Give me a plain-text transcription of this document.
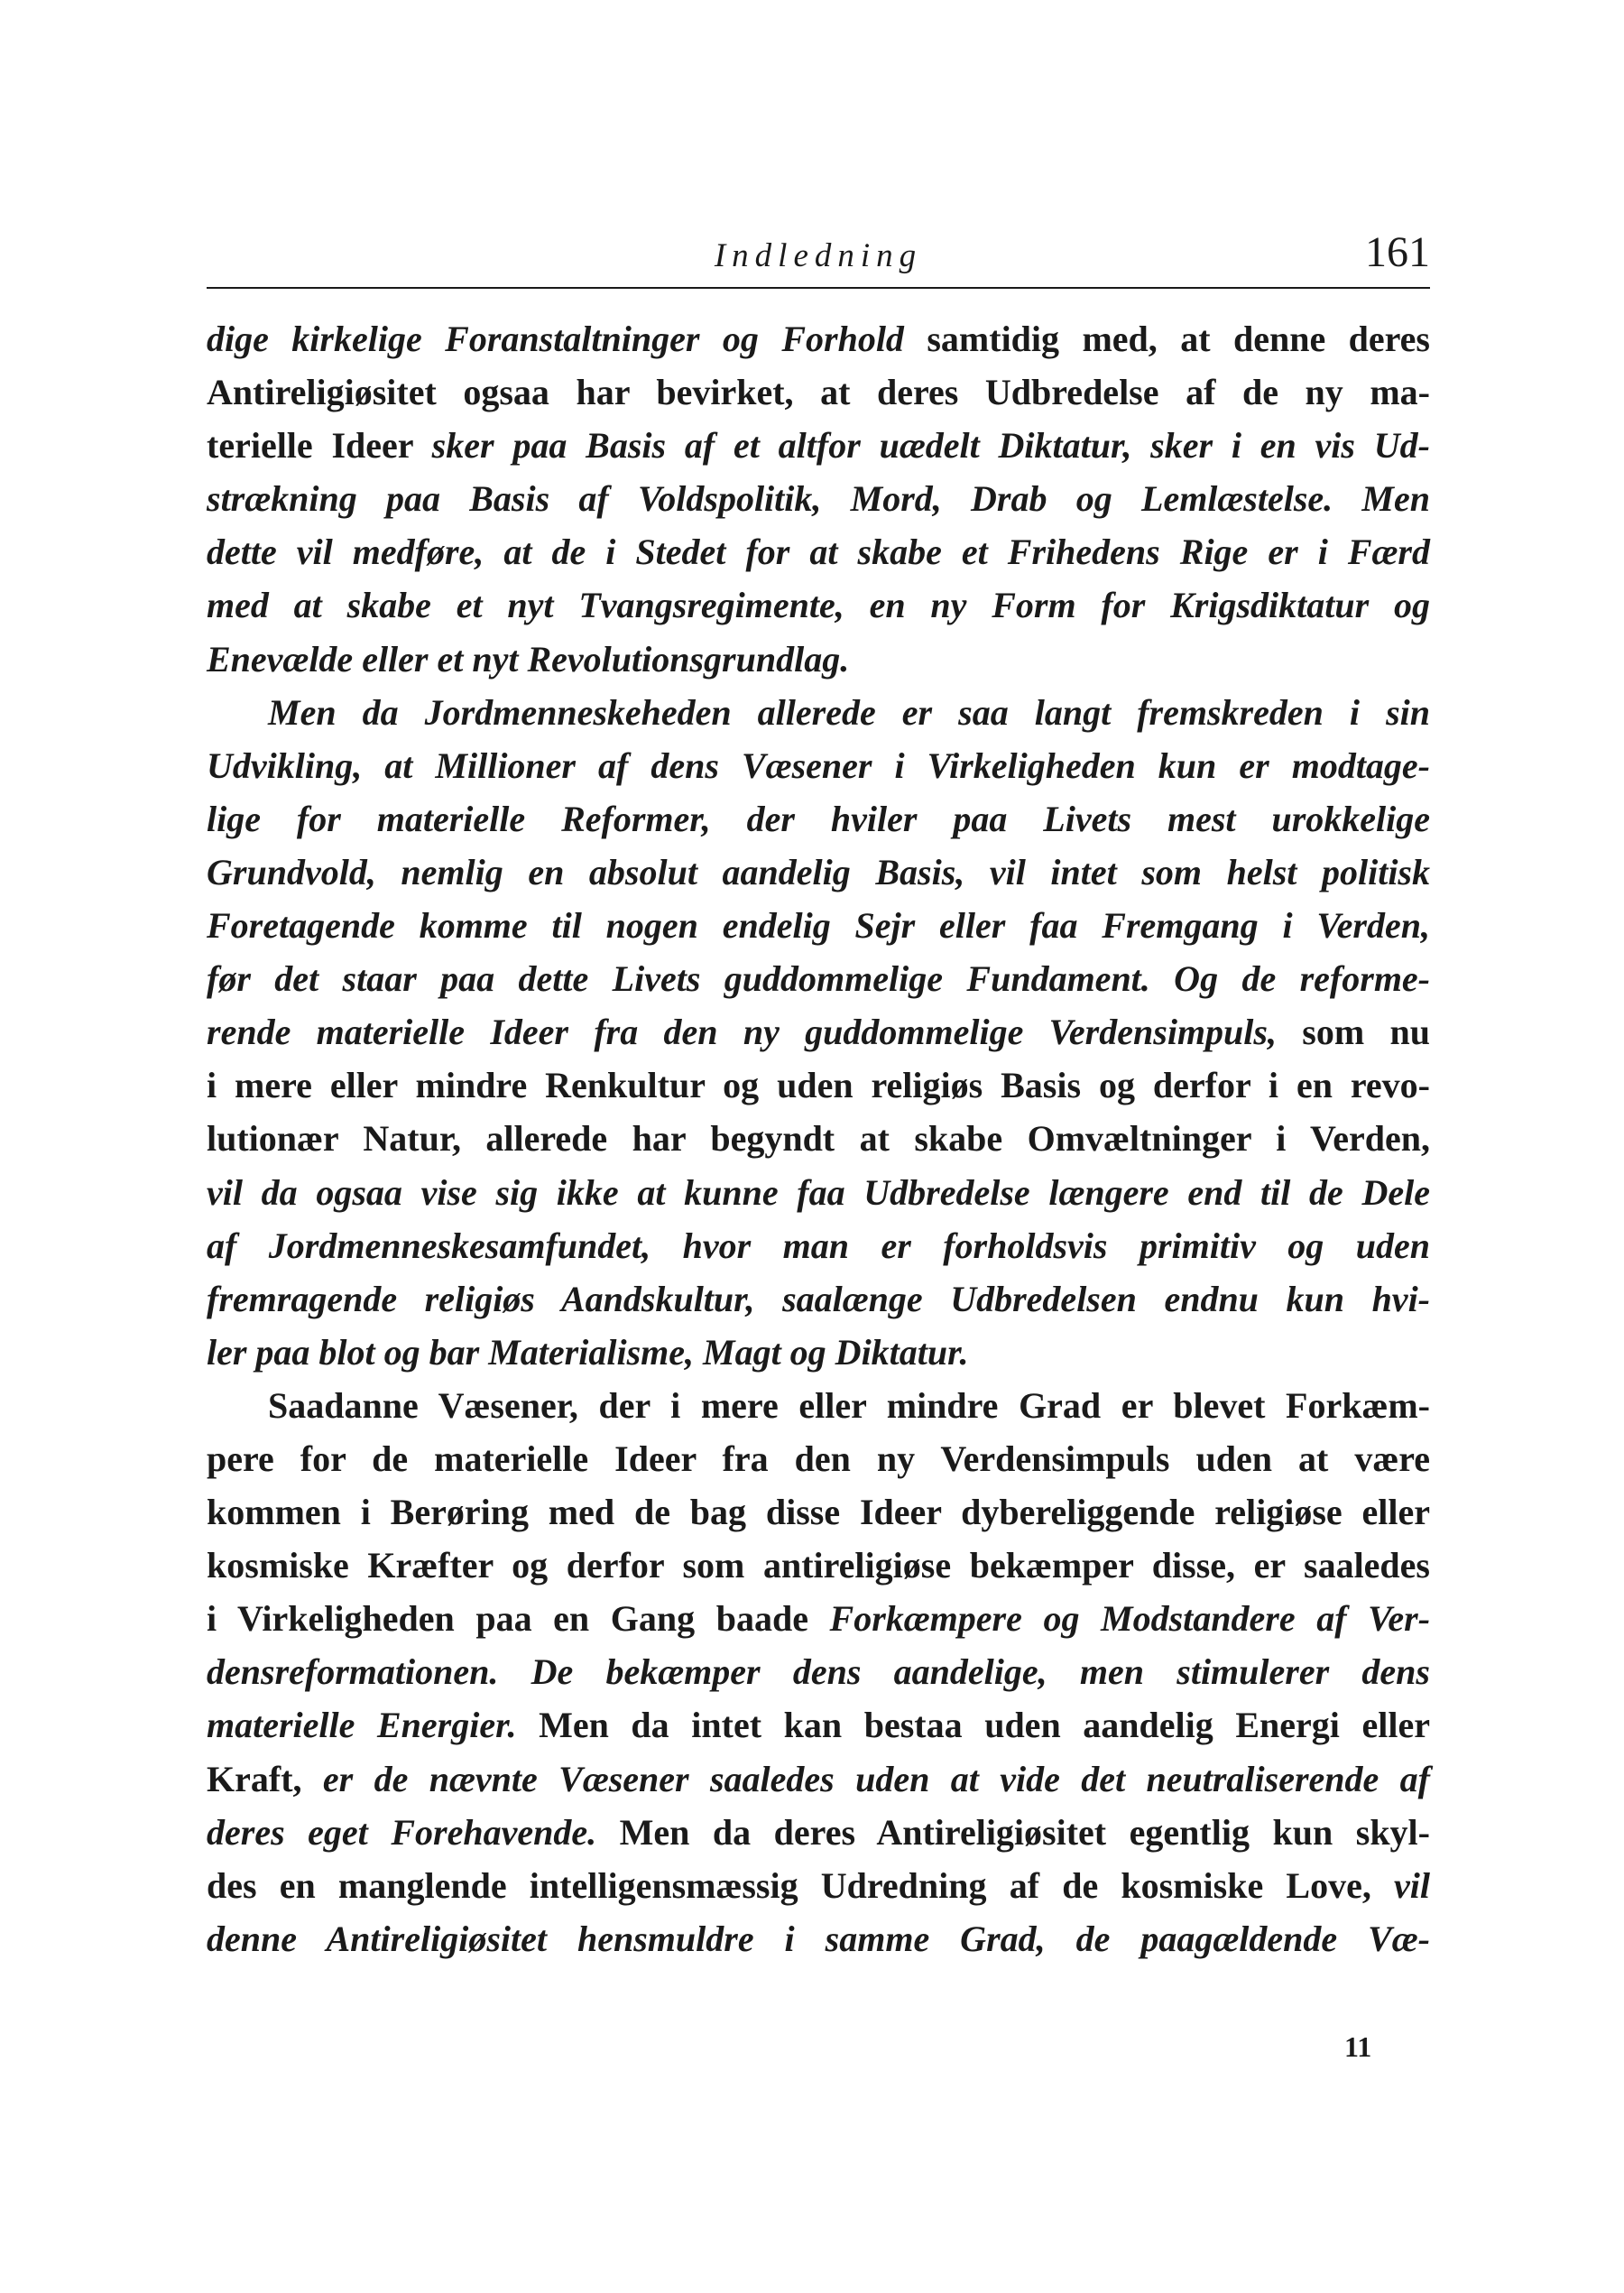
Indledning	161
dige kirkelige Foranstaltninger og Forhold samtidig med, at denne deres
Antireligiøsitet ogsaa har bevirket, at deres Udbredelse af de ny ma-
terielle Ideer sker paa Basis af et altfor uædelt Diktatur, sker i en vis Ud-
strækning paa Basis af Voldspolitik, Mord, Drab og Lemlæstelse. Men
dette vil medføre, at de i Stedet for at skabe et Frihedens Rige er i Færd
med at skabe et nyt Tvangsregimente, en ny Form for Krigsdiktatur og
Enevælde eller et nyt Revolutionsgrundlag.
Men da Jordmenneskeheden allerede er saa langt fremskreden i sin
Udvikling, at Millioner af dens Væsener i Virkeligheden kun er modtage-
lige for materielle Reformer, der hviler paa Livets mest urokkelige
Grundvold, nemlig en absolut aandelig Basis, vil intet som helst politisk
Foretagende komme til nogen endelig Sejr eller faa Fremgang i Verden,
før det staar paa dette Livets guddommelige Fundament. Og de reforme-
rende materielle Ideer fra den ny guddommelige Verdensimpuls, som nu
i mere eller mindre Renkultur og uden religiøs Basis og derfor i en revo-
lutionær Natur, allerede har begyndt at skabe Omvæltninger i Verden,
vil da ogsaa vise sig ikke at kunne faa Udbredelse længere end til de Dele
af Jordmenneskesamfundet, hvor man er forholdsvis primitiv og uden
fremragende religiøs Aandskultur, saalænge Udbredelsen endnu kun hvi-
ler paa blot og bar Materialisme, Magt og Diktatur.
Saadanne Væsener, der i mere eller mindre Grad er blevet Forkæm-
pere for de materielle Ideer fra den ny Verdensimpuls uden at være
kommen i Berøring med de bag disse Ideer dybereliggende religiøse eller
kosmiske Kræfter og derfor som antireligiøse bekæmper disse, er saaledes
i Virkeligheden paa en Gang baade Forkæmpere og Modstandere af Ver-
densreformationen. De bekæmper dens aandelige, men stimulerer dens
materielle Energier. Men da intet kan bestaa uden aandelig Energi eller
Kraft, er de nævnte Væsener saaledes uden at vide det neutraliserende af
deres eget Forehavende. Men da deres Antireligiøsitet egentlig kun skyl-
des en manglende intelligensmæssig Udredning af de kosmiske Love, vil
denne Antireligiøsitet hensmuldre i samme Grad, de paagældende Væ-
11
